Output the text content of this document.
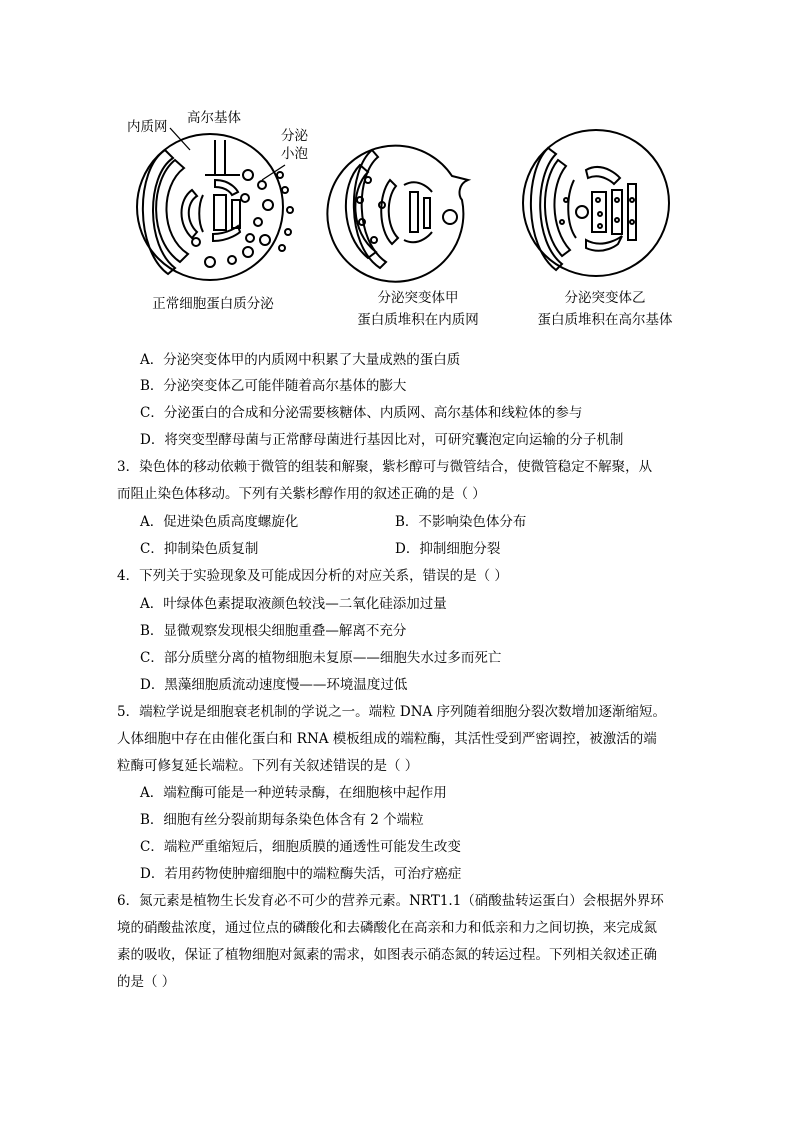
内质网
高尔基体
分泌
小泡
正常细胞蛋白质分泌	分泌突变体甲
蛋白质堆积在内质网
分泌突变体乙
蛋白质堆积在高尔基体
A．分泌突变体甲的内质网中积累了大量成熟的蛋白质
B．分泌突变体乙可能伴随着高尔基体的膨大
C．分泌蛋白的合成和分泌需要核糖体、内质网、高尔基体和线粒体的参与
D．将突变型酵母菌与正常酵母菌进行基因比对，可研究囊泡定向运输的分子机制
3．染色体的移动依赖于微管的组装和解聚，紫杉醇可与微管结合，使微管稳定不解聚，从
而阻止染色体移动。下列有关紫杉醇作用的叙述正确的是（ ）
A．促进染色质高度螺旋化	B．不影响染色体分布
C．抑制染色质复制	D．抑制细胞分裂
4．下列关于实验现象及可能成因分析的对应关系，错误的是（ ）
A．叶绿体色素提取液颜色较浅—二氧化硅添加过量
B．显微观察发现根尖细胞重叠—解离不充分
C．部分质壁分离的植物细胞未复原——细胞失水过多而死亡
D．黑藻细胞质流动速度慢——环境温度过低
5．端粒学说是细胞衰老机制的学说之一。端粒 DNA 序列随着细胞分裂次数增加逐渐缩短。
人体细胞中存在由催化蛋白和 RNA 模板组成的端粒酶，其活性受到严密调控，被激活的端
粒酶可修复延长端粒。下列有关叙述错误的是（ ）
A．端粒酶可能是一种逆转录酶，在细胞核中起作用
B．细胞有丝分裂前期每条染色体含有 2 个端粒
C．端粒严重缩短后，细胞质膜的通透性可能发生改变
D．若用药物使肿瘤细胞中的端粒酶失活，可治疗癌症
6．氮元素是植物生长发育必不可少的营养元素。NRT1.1（硝酸盐转运蛋白）会根据外界环
境的硝酸盐浓度，通过位点的磷酸化和去磷酸化在高亲和力和低亲和力之间切换，来完成氮
素的吸收，保证了植物细胞对氮素的需求，如图表示硝态氮的转运过程。下列相关叙述正确
的是（ ）
